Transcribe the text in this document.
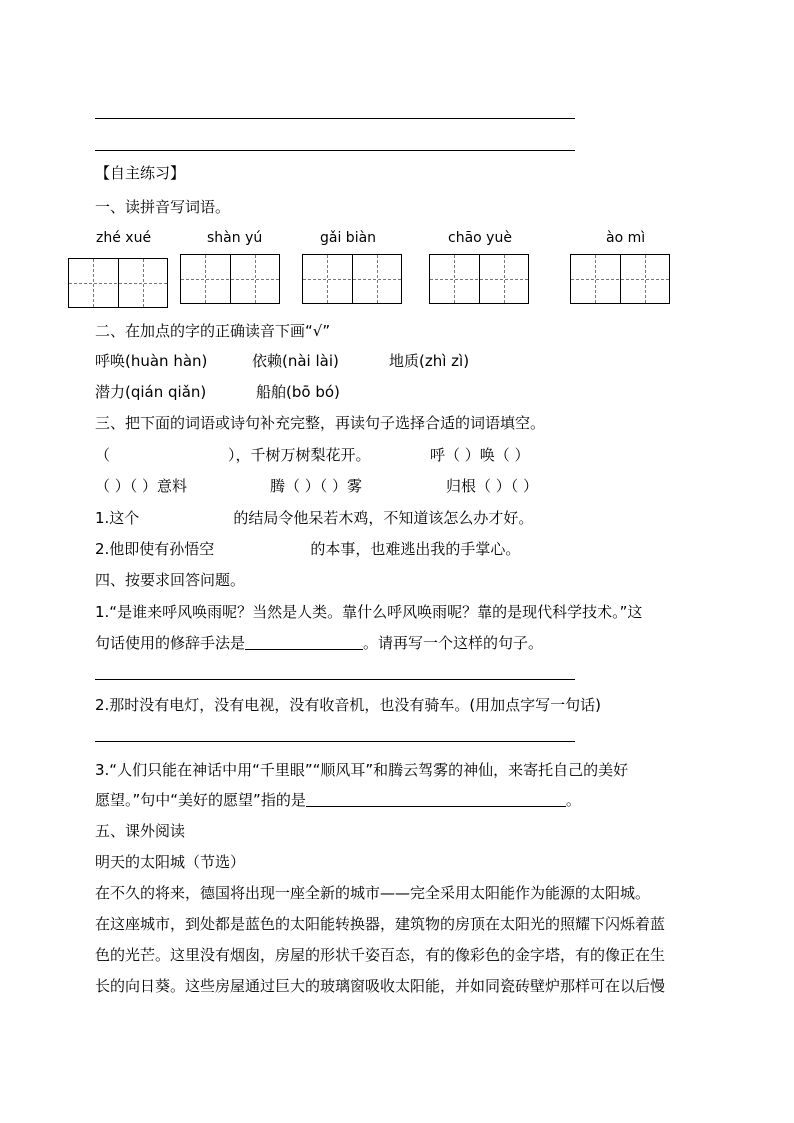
【自主练习】
一、读拼音写词语。
zhé xué	shàn yú	gǎi biàn	chāo yuè	ào mì
二、在加点的字的正确读音下画“√”
呼唤(huàn hàn)	依赖(nài lài)	地质(zhì zì)
潜力(qián qiǎn)	船舶(bō bó)
三、把下面的词语或诗句补充完整，再读句子选择合适的词语填空。
（	），千树万树梨花开。	呼（ ）唤（ ）
（ ）（ ）意料	腾（ ）（ ）雾	归根（ ）（ ）
1.这个	的结局令他呆若木鸡，不知道该怎么办才好。
2.他即使有孙悟空	的本事，也难逃出我的手掌心。
四、按要求回答问题。
1.“是谁来呼风唤雨呢？当然是人类。靠什么呼风唤雨呢？靠的是现代科学技术。”这
句话使用的修辞手法是	。请再写一个这样的句子。
2.那时没有电灯，没有电视，没有收音机，也没有骑车。(用加点字写一句话)
3.“人们只能在神话中用“千里眼”“顺风耳”和腾云驾雾的神仙，来寄托自己的美好
愿望。”句中“美好的愿望”指的是	。
五、课外阅读
明天的太阳城（节选）
在不久的将来，德国将出现一座全新的城市——完全采用太阳能作为能源的太阳城。
在这座城市，到处都是蓝色的太阳能转换器，建筑物的房顶在太阳光的照耀下闪烁着蓝
色的光芒。这里没有烟囱，房屋的形状千姿百态，有的像彩色的金字塔，有的像正在生
长的向日葵。这些房屋通过巨大的玻璃窗吸收太阳能，并如同瓷砖壁炉那样可在以后慢
